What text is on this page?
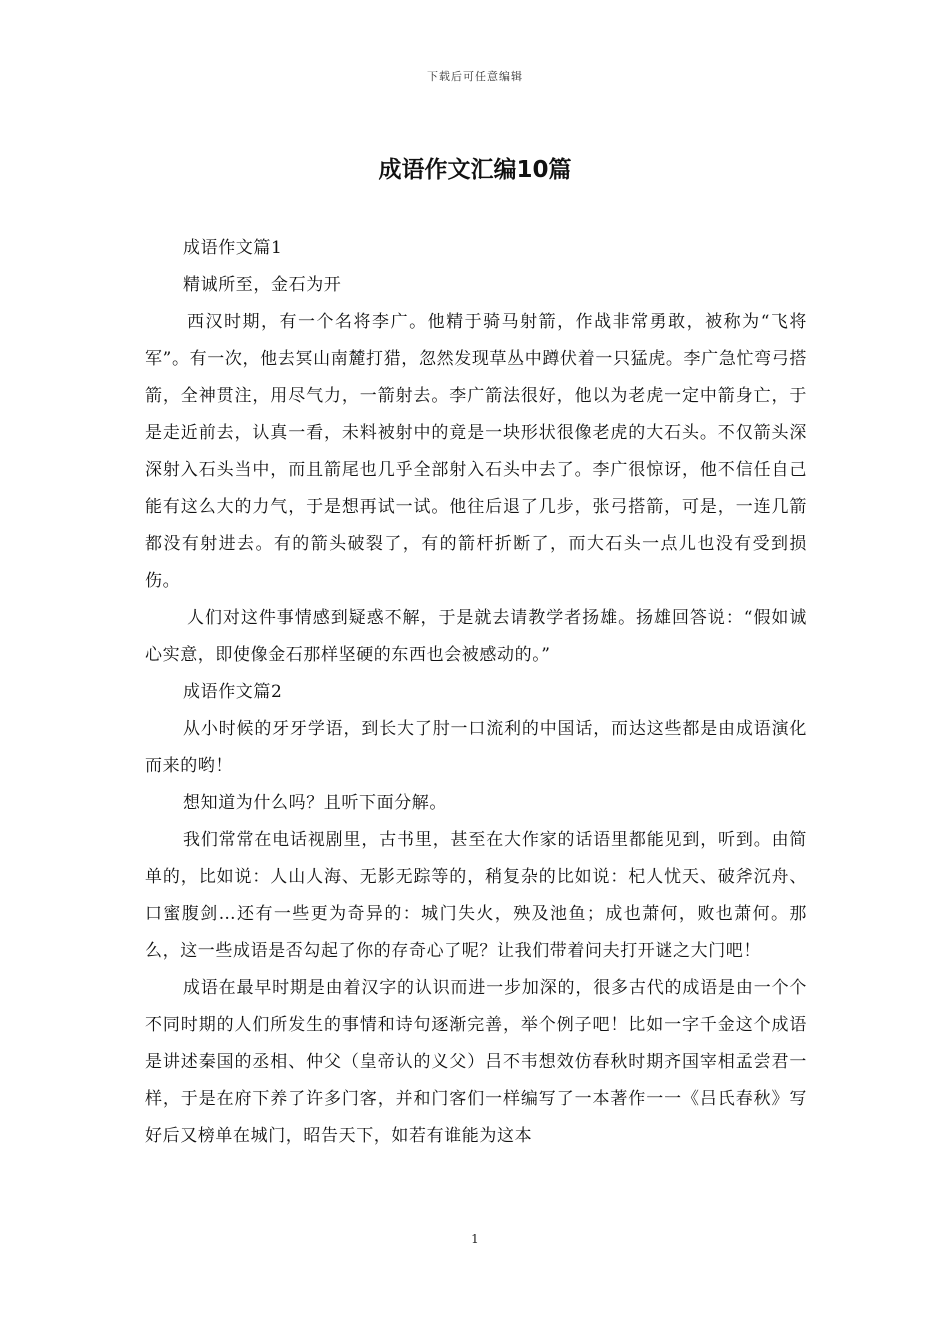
下载后可任意编辑
成语作文汇编10篇

成语作文篇1

精诚所至，金石为开

西汉时期，有一个名将李广。他精于骑马射箭，作战非常勇敢，被称为“飞将军”。有一次，他去冥山南麓打猎，忽然发现草丛中蹲伏着一只猛虎。李广急忙弯弓搭箭，全神贯注，用尽气力，一箭射去。李广箭法很好，他以为老虎一定中箭身亡，于是走近前去，认真一看，未料被射中的竟是一块形状很像老虎的大石头。不仅箭头深深射入石头当中，而且箭尾也几乎全部射入石头中去了。李广很惊讶，他不信任自己能有这么大的力气，于是想再试一试。他往后退了几步，张弓搭箭，可是，一连几箭都没有射进去。有的箭头破裂了，有的箭杆折断了，而大石头一点儿也没有受到损伤。

人们对这件事情感到疑惑不解，于是就去请教学者扬雄。扬雄回答说：“假如诚心实意，即使像金石那样坚硬的东西也会被感动的。”

成语作文篇2

从小时候的牙牙学语，到长大了肘一口流利的中国话，而达这些都是由成语演化而来的哟！

想知道为什么吗？且听下面分解。

我们常常在电话视剧里，古书里，甚至在大作家的话语里都能见到，听到。由简单的，比如说：人山人海、无影无踪等的，稍复杂的比如说：杞人忧天、破斧沉舟、口蜜腹剑…还有一些更为奇异的：城门失火，殃及池鱼；成也萧何，败也萧何。那么，这一些成语是否勾起了你的存奇心了呢？让我们带着问夫打开谜之大门吧！

成语在最早时期是由着汉字的认识而进一步加深的，很多古代的成语是由一个个不同时期的人们所发生的事情和诗句逐渐完善，举个例子吧！比如一字千金这个成语是讲述秦国的丞相、仲父（皇帝认的义父）吕不韦想效仿春秋时期齐国宰相孟尝君一样，于是在府下养了许多门客，并和门客们一样编写了一本著作一一《吕氏春秋》写好后又榜单在城门，昭告天下，如若有谁能为这本

1
